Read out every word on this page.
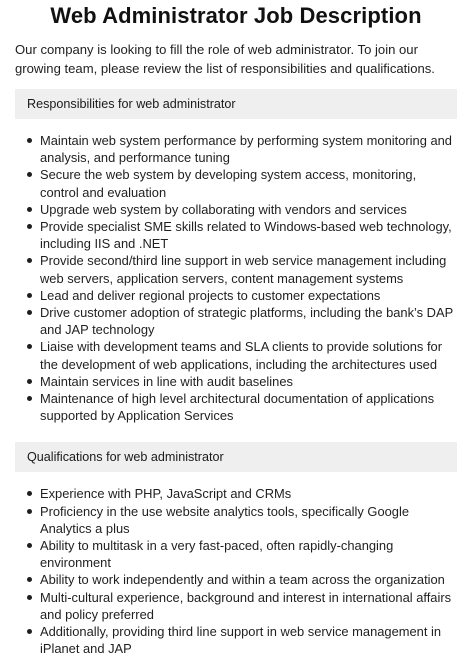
Web Administrator Job Description

Our company is looking to fill the role of web administrator. To join our growing team, please review the list of responsibilities and qualifications.

Responsibilities for web administrator
Maintain web system performance by performing system monitoring and analysis, and performance tuning
Secure the web system by developing system access, monitoring, control and evaluation
Upgrade web system by collaborating with vendors and services
Provide specialist SME skills related to Windows-based web technology, including IIS and .NET
Provide second/third line support in web service management including web servers, application servers, content management systems
Lead and deliver regional projects to customer expectations
Drive customer adoption of strategic platforms, including the bank’s DAP and JAP technology
Liaise with development teams and SLA clients to provide solutions for the development of web applications, including the architectures used
Maintain services in line with audit baselines
Maintenance of high level architectural documentation of applications supported by Application Services
Qualifications for web administrator
Experience with PHP, JavaScript and CRMs
Proficiency in the use website analytics tools, specifically Google Analytics a plus
Ability to multitask in a very fast-paced, often rapidly-changing environment
Ability to work independently and within a team across the organization
Multi-cultural experience, background and interest in international affairs and policy preferred
Additionally, providing third line support in web service management in iPlanet and JAP
